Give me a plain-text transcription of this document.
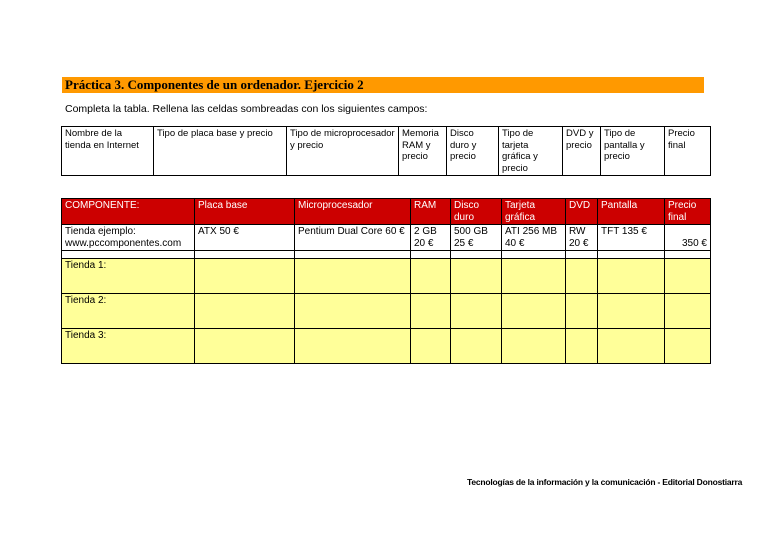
Práctica 3. Componentes de un ordenador. Ejercicio 2
Completa la tabla. Rellena las celdas sombreadas con los siguientes campos:
Nombre de la tienda en Internet	Tipo de placa base y precio	Tipo de microprocesador y precio	Memoria RAM y precio	Disco duro y precio	Tipo de tarjeta gráfica y precio	DVD y precio	Tipo de pantalla y precio	Precio final
COMPONENTE:	Placa base	Microprocesador	RAM	Disco duro	Tarjeta gráfica	DVD	Pantalla	Precio final
Tienda ejemplo: www.pccomponentes.com	ATX 50 €	Pentium Dual Core 60 €	2 GB 20 €	500 GB 25 €	ATI 256 MB 40 €	RW 20 €	TFT 135 €	350 €

Tienda 1:								
Tienda 2:								
Tienda 3:								
Tecnologías de la información y la comunicación - Editorial Donostiarra
